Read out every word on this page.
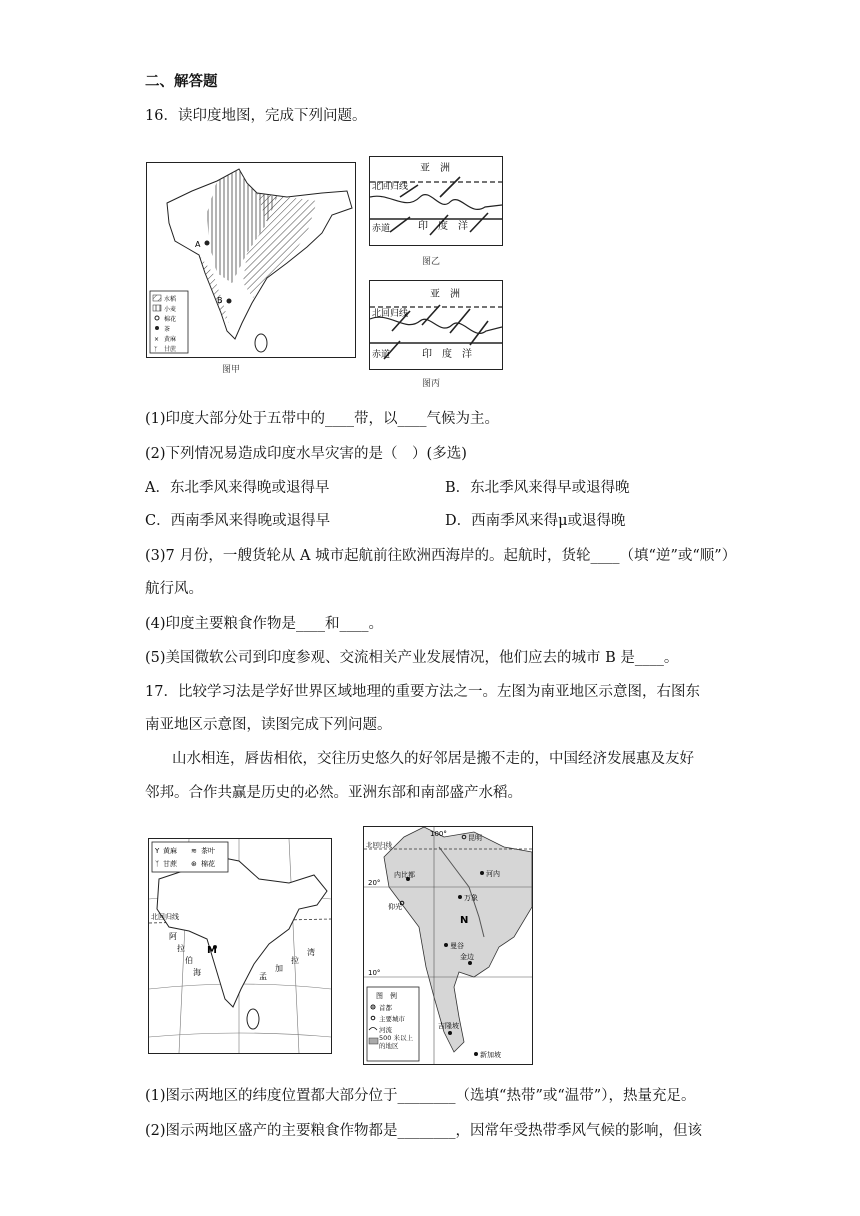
二、解答题
16．读印度地图，完成下列问题。
A
B
水稻
小麦
棉花
茶
× 黄麻
ᛉ 甘蔗
图甲
亚　洲
北回归线
赤道	印　度　洋
图乙
亚　洲
北回归线
赤道	印　度　洋
图丙
(1)印度大部分处于五带中的____带，以____气候为主。
(2)下列情况易造成印度水旱灾害的是（　）(多选)
A．东北季风来得晚或退得早	B．东北季风来得早或退得晚
C．西南季风来得晚或退得早	D．西南季风来得μ或退得晚
(3)7 月份，一艘货轮从 A 城市起航前往欧洲西海岸的。起航时，货轮____（填“逆”或“顺”）
航行风。
(4)印度主要粮食作物是____和____。
(5)美国微软公司到印度参观、交流相关产业发展情况，他们应去的城市 B 是____。
17．比较学习法是学好世界区域地理的重要方法之一。左图为南亚地区示意图，右图东
南亚地区示意图，读图完成下列问题。
山水相连，唇齿相依，交往历史悠久的好邻居是搬不走的，中国经济发展惠及友好
邻邦。合作共赢是历史的必然。亚洲东部和南部盛产水稻。
Y 黄麻 ≋ 茶叶
ᛉ 甘蔗 ⊛ 棉花
北回归线
M
阿
拉
伯
海	孟
加
拉
湾
100°
20°
10°
北回归线
昆明
河内
内比都
万象
仰光
曼谷
金边
吉隆坡
新加坡
N
图　例
首都
主要城市
河流
500 米以上的地区
(1)图示两地区的纬度位置都大部分位于________（选填“热带”或“温带”），热量充足。
(2)图示两地区盛产的主要粮食作物都是________，因常年受热带季风气候的影响，但该
